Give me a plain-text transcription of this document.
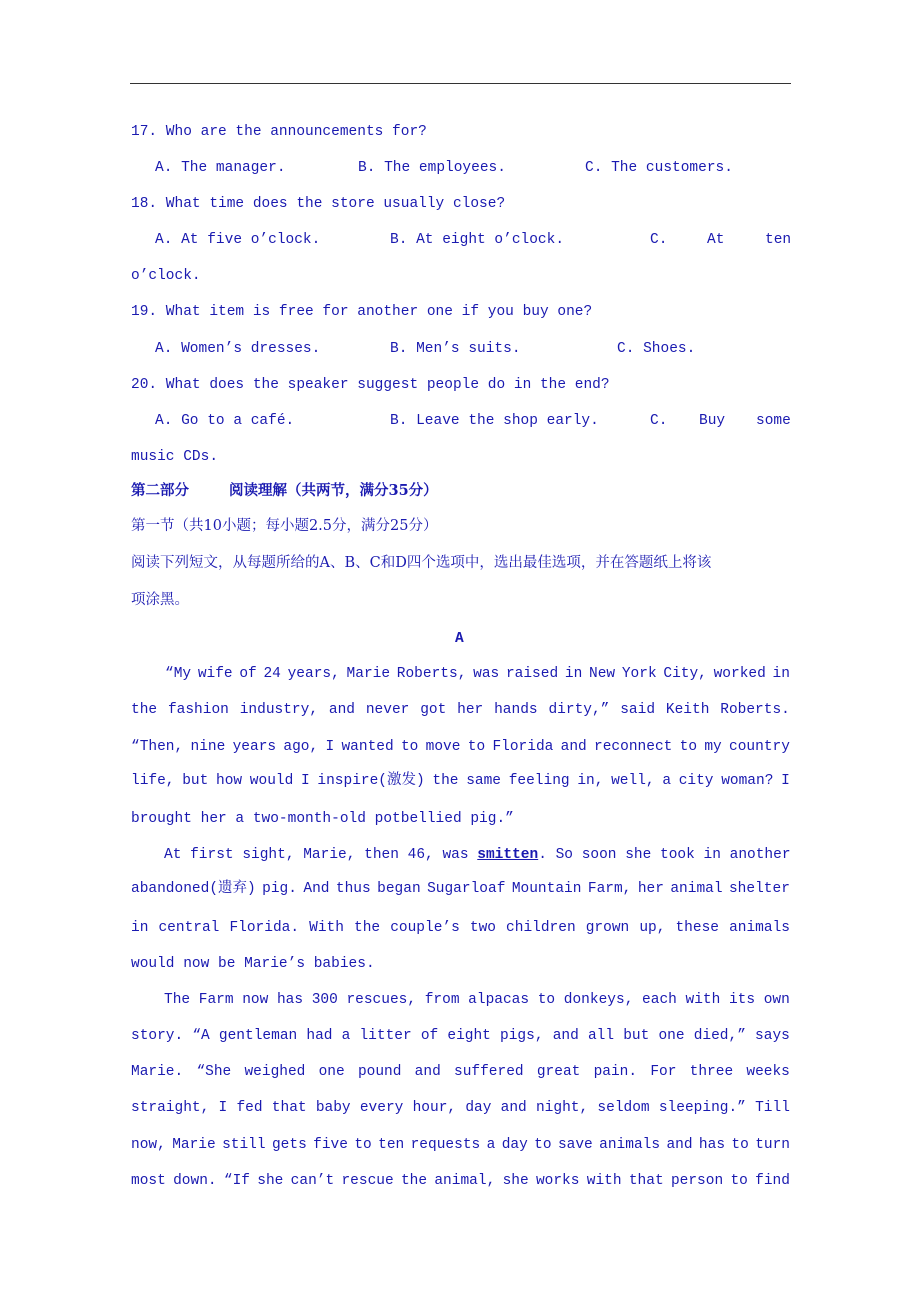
17. Who are the announcements for?
A. The manager.	B. The employees.	C. The customers.
18. What time does the store usually close?
A. At five o’clock.	B. At eight o’clock.	C.	At	ten
o’clock.
19. What item is free for another one if you buy one?
A. Women’s dresses.	B. Men’s suits.	C. Shoes.
20. What does the speaker suggest people do in the end?
A. Go to a café.	B. Leave the shop early.	C. Buy some
music CDs.
第二部分	阅读理解（共两节，满分35分）
第一节（共10小题；每小题2.5分，满分25分）
阅读下列短文，从每题所给的A、B、C和D四个选项中，选出最佳选项，并在答题纸上将该
项涂黑。
A
“My wife of 24 years, Marie Roberts, was raised in New York City, worked in
the fashion industry, and never got her hands dirty,” said Keith Roberts.
“Then, nine years ago, I wanted to move to Florida and reconnect to my country
life, but how would I inspire(激发) the same feeling in, well, a city woman? I
brought her a two-month-old potbellied pig.”
At first sight, Marie, then 46, was smitten. So soon she took in another
abandoned(遗弃) pig. And thus began Sugarloaf Mountain Farm, her animal shelter
in central Florida. With the couple’s two children grown up, these animals
would now be Marie’s babies.
The Farm now has 300 rescues, from alpacas to donkeys, each with its own
story. “A gentleman had a litter of eight pigs, and all but one died,” says
Marie. “She weighed one pound and suffered great pain. For three weeks
straight, I fed that baby every hour, day and night, seldom sleeping.” Till
now, Marie still gets five to ten requests a day to save animals and has to turn
most down. “If she can’t rescue the animal, she works with that person to find
